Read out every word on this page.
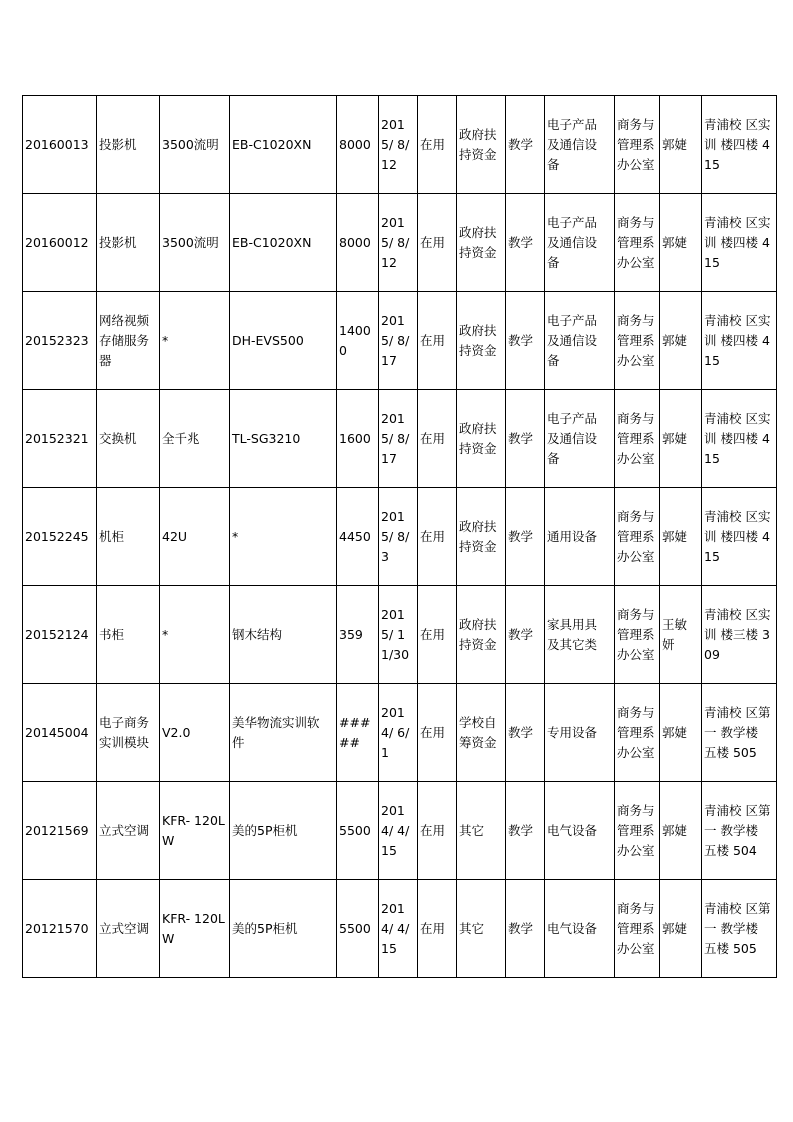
20160013	投影机	3500流明	EB-C1020XN	8000	2015/ 8/12	在用	政府扶 持资金	教学	电子产品 及通信设 备	商务与 管理系 办公室	郭婕	青浦校 区实训 楼四楼 415
20160012	投影机	3500流明	EB-C1020XN	8000	2015/ 8/12	在用	政府扶 持资金	教学	电子产品 及通信设 备	商务与 管理系 办公室	郭婕	青浦校 区实训 楼四楼 415
20152323	网络视频 存储服务 器	*	DH-EVS500	14000	2015/ 8/17	在用	政府扶 持资金	教学	电子产品 及通信设 备	商务与 管理系 办公室	郭婕	青浦校 区实训 楼四楼 415
20152321	交换机	全千兆	TL-SG3210	1600	2015/ 8/17	在用	政府扶 持资金	教学	电子产品 及通信设 备	商务与 管理系 办公室	郭婕	青浦校 区实训 楼四楼 415
20152245	机柜	42U	*	4450	2015/ 8/3	在用	政府扶 持资金	教学	通用设备	商务与 管理系 办公室	郭婕	青浦校 区实训 楼四楼 415
20152124	书柜	*	钢木结构	359	2015/ 11/30	在用	政府扶 持资金	教学	家具用具 及其它类	商务与 管理系 办公室	王敏 妍	青浦校 区实训 楼三楼 309
20145004	电子商务 实训模块	V2.0	美华物流实训软 件	#####	2014/ 6/1	在用	学校自 筹资金	教学	专用设备	商务与 管理系 办公室	郭婕	青浦校 区第一 教学楼 五楼 505
20121569	立式空调	KFR- 120LW	美的5P柜机	5500	2014/ 4/15	在用	其它	教学	电气设备	商务与 管理系 办公室	郭婕	青浦校 区第一 教学楼 五楼 504
20121570	立式空调	KFR- 120LW	美的5P柜机	5500	2014/ 4/15	在用	其它	教学	电气设备	商务与 管理系 办公室	郭婕	青浦校 区第一 教学楼 五楼 505
